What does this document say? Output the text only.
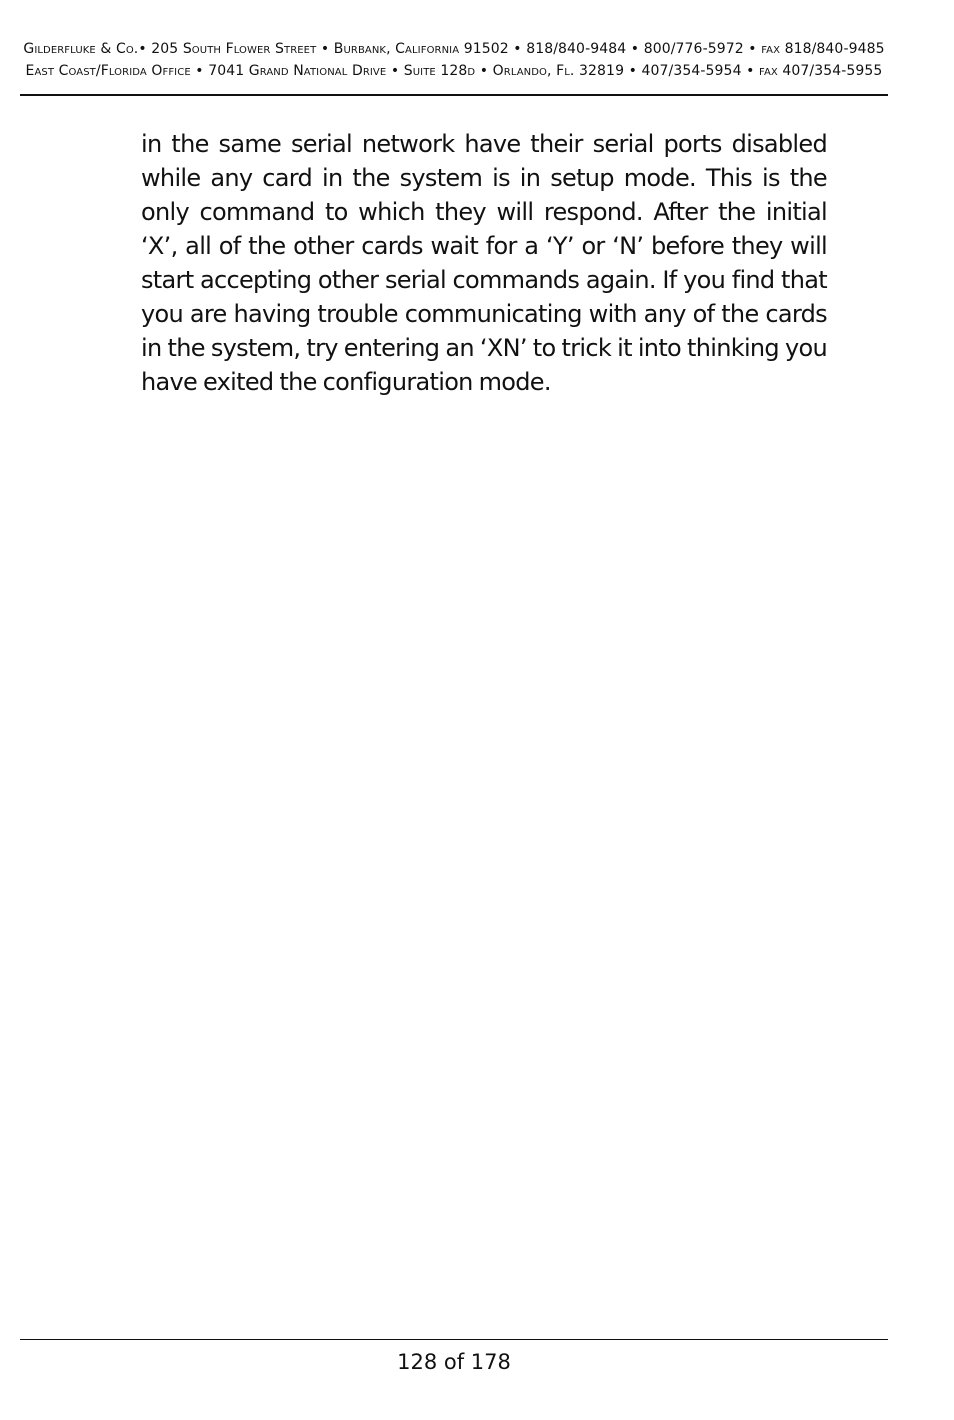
Gilderfluke & Co.• 205 South Flower Street • Burbank, California 91502 • 818/840-9484 • 800/776-5972 • fax 818/840-9485
East Coast/Florida Office • 7041 Grand National Drive • Suite 128d • Orlando, Fl. 32819 • 407/354-5954 • fax 407/354-5955

in the same serial network have their serial ports disabled while any card in the system is in setup mode. This is the only command to which they will respond. After the initial ‘X’, all of the other cards wait for a ‘Y’ or ‘N’ before they will start accepting other serial commands again. If you find that you are having trouble communicating with any of the cards in the system, try entering an ‘XN’ to trick it into thinking you have exited the configuration mode.

128 of 178
